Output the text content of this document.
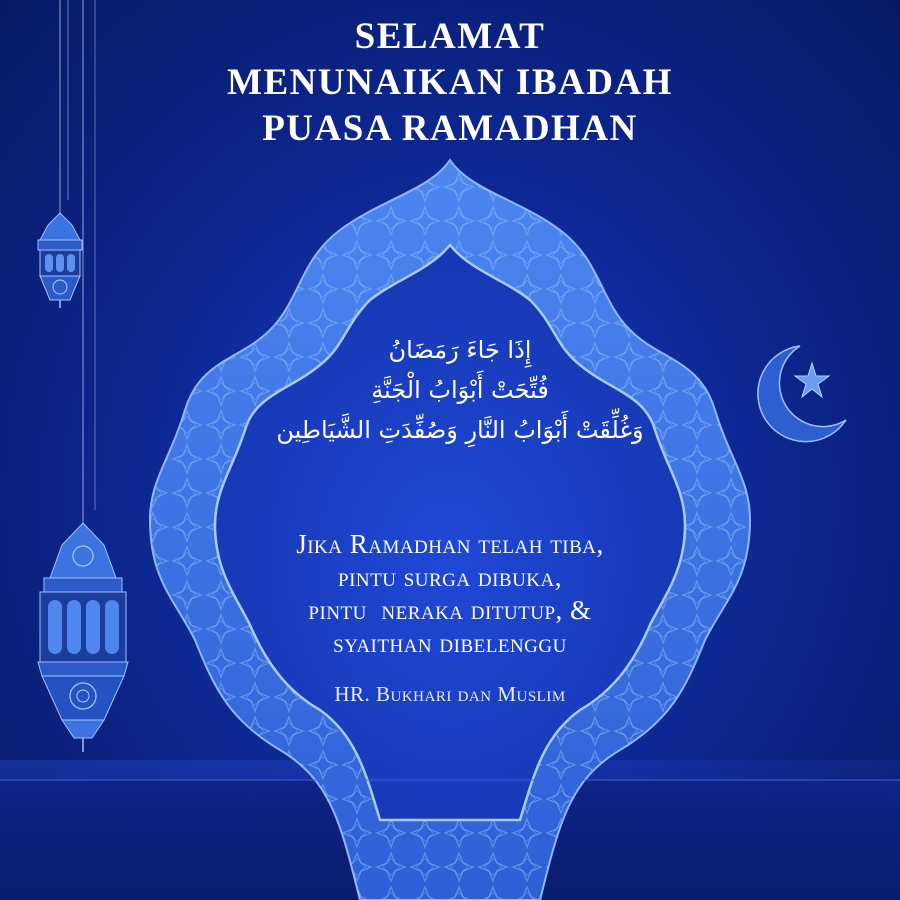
SELAMAT
MENUNAIKAN IBADAH
PUASA RAMADHAN
إِذَا جَاءَ رَمَضَانُ
فُتِّحَتْ أَبْوَابُ الْجَنَّةِ
وَغُلِّقَتْ أَبْوَابُ النَّارِ وَصُفِّدَتِ الشَّيَاطِين
Jika Ramadhan telah tiba,
pintu surga dibuka,
pintu  neraka ditutup, &
syaithan dibelenggu
HR. Bukhari dan Muslim
